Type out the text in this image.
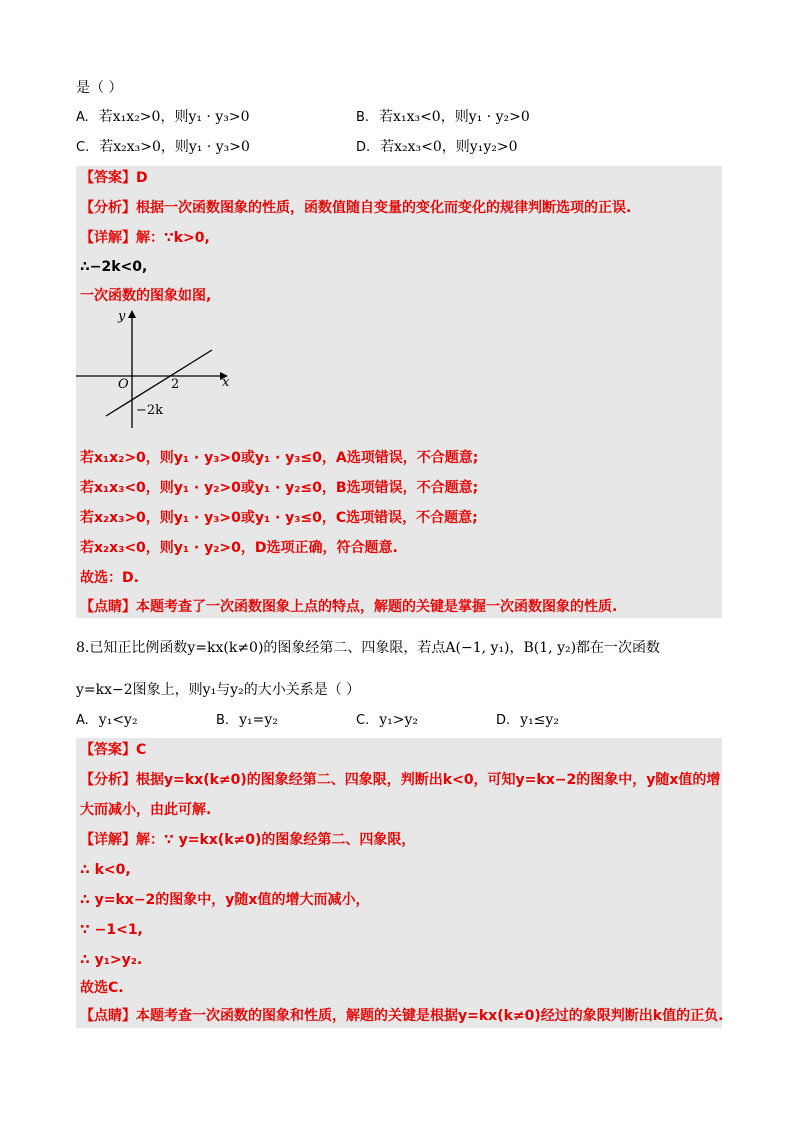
是（ ）
A. 若x₁x₂>0，则y₁ · y₃>0	B. 若x₁x₃<0，则y₁ · y₂>0
C. 若x₂x₃>0，则y₁ · y₃>0	D. 若x₂x₃<0，则y₁y₂>0
【答案】D
【分析】根据一次函数图象的性质，函数值随自变量的变化而变化的规律判断选项的正误.
【详解】解：∵k>0,
∴−2k<0,
一次函数的图象如图,
x
y
O	2
−2k
若x₁x₂>0，则y₁ · y₃>0或y₁ · y₃≤0，A选项错误，不合题意;
若x₁x₃<0，则y₁ · y₂>0或y₁ · y₂≤0，B选项错误，不合题意;
若x₂x₃>0，则y₁ · y₃>0或y₁ · y₃≤0，C选项错误，不合题意;
若x₂x₃<0，则y₁ · y₂>0，D选项正确，符合题意.
故选：D.
【点睛】本题考查了一次函数图象上点的特点，解题的关键是掌握一次函数图象的性质.
8.已知正比例函数y=kx(k≠0)的图象经第二、四象限，若点A(−1, y₁)，B(1, y₂)都在一次函数
y=kx−2图象上，则y₁与y₂的大小关系是（ ）
A. y₁<y₂	B. y₁=y₂	C. y₁>y₂	D. y₁≤y₂
【答案】C
【分析】根据y=kx(k≠0)的图象经第二、四象限，判断出k<0，可知y=kx−2的图象中，y随x值的增
大而减小，由此可解.
【详解】解：∵ y=kx(k≠0)的图象经第二、四象限，
∴ k<0,
∴ y=kx−2的图象中，y随x值的增大而减小，
∵ −1<1,
∴ y₁>y₂.
故选C.
【点睛】本题考查一次函数的图象和性质，解题的关键是根据y=kx(k≠0)经过的象限判断出k值的正负.
